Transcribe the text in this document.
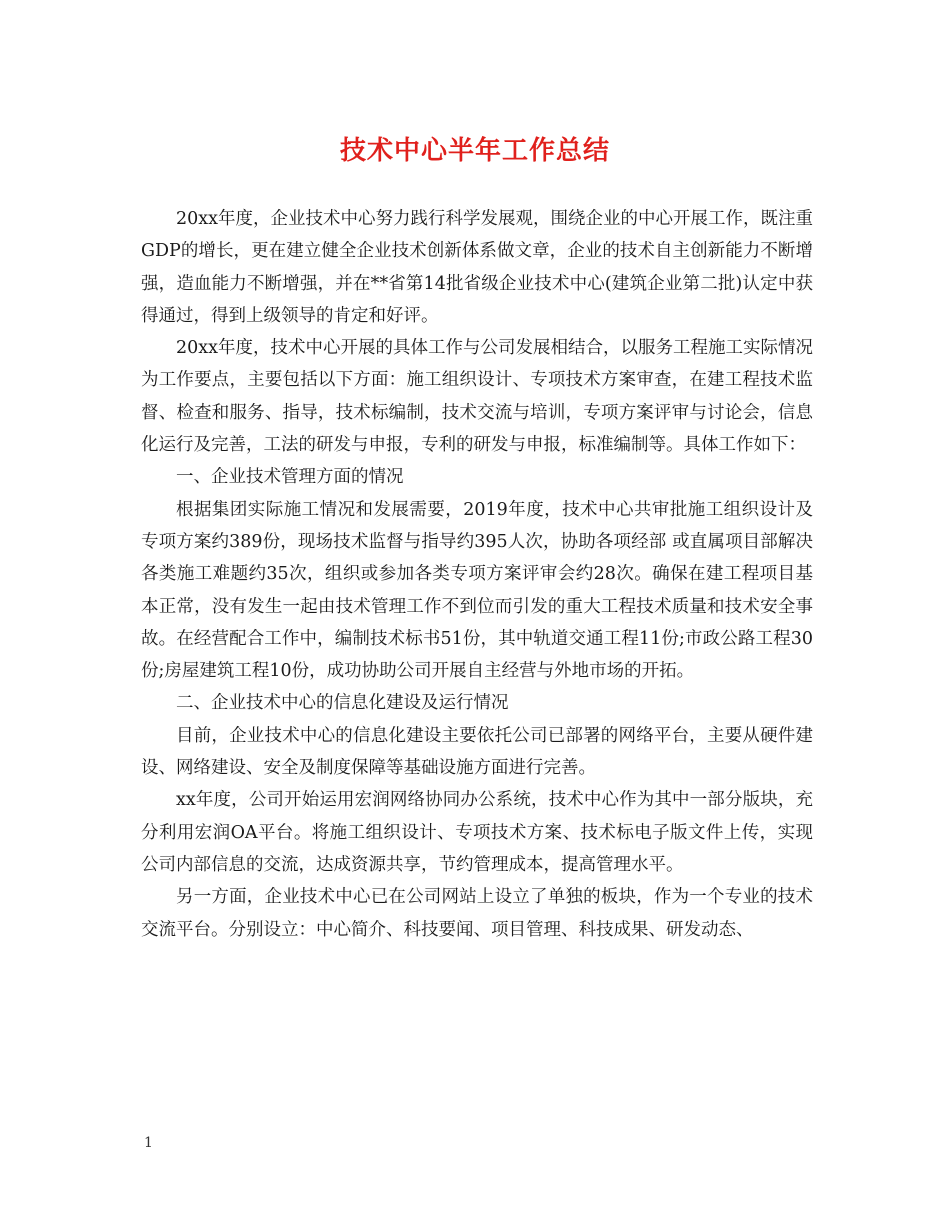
技术中心半年工作总结

20xx年度，企业技术中心努力践行科学发展观，围绕企业的中心开展工作，既注重GDP的增长，更在建立健全企业技术创新体系做文章，企业的技术自主创新能力不断增强，造血能力不断增强，并在**省第14批省级企业技术中心(建筑企业第二批)认定中获得通过，得到上级领导的肯定和好评。

20xx年度，技术中心开展的具体工作与公司发展相结合，以服务工程施工实际情况为工作要点，主要包括以下方面：施工组织设计、专项技术方案审查，在建工程技术监督、检查和服务、指导，技术标编制，技术交流与培训，专项方案评审与讨论会，信息化运行及完善，工法的研发与申报，专利的研发与申报，标准编制等。具体工作如下：

一、企业技术管理方面的情况

根据集团实际施工情况和发展需要，2019年度，技术中心共审批施工组织设计及专项方案约389份，现场技术监督与指导约395人次，协助各项经部 或直属项目部解决各类施工难题约35次，组织或参加各类专项方案评审会约28次。确保在建工程项目基本正常，没有发生一起由技术管理工作不到位而引发的重大工程技术质量和技术安全事故。在经营配合工作中，编制技术标书51份，其中轨道交通工程11份;市政公路工程30份;房屋建筑工程10份，成功协助公司开展自主经营与外地市场的开拓。

二、企业技术中心的信息化建设及运行情况

目前，企业技术中心的信息化建设主要依托公司已部署的网络平台，主要从硬件建设、网络建设、安全及制度保障等基础设施方面进行完善。

xx年度，公司开始运用宏润网络协同办公系统，技术中心作为其中一部分版块，充分利用宏润OA平台。将施工组织设计、专项技术方案、技术标电子版文件上传，实现公司内部信息的交流，达成资源共享，节约管理成本，提高管理水平。

另一方面，企业技术中心已在公司网站上设立了单独的板块，作为一个专业的技术交流平台。分别设立：中心简介、科技要闻、项目管理、科技成果、研发动态、

1
